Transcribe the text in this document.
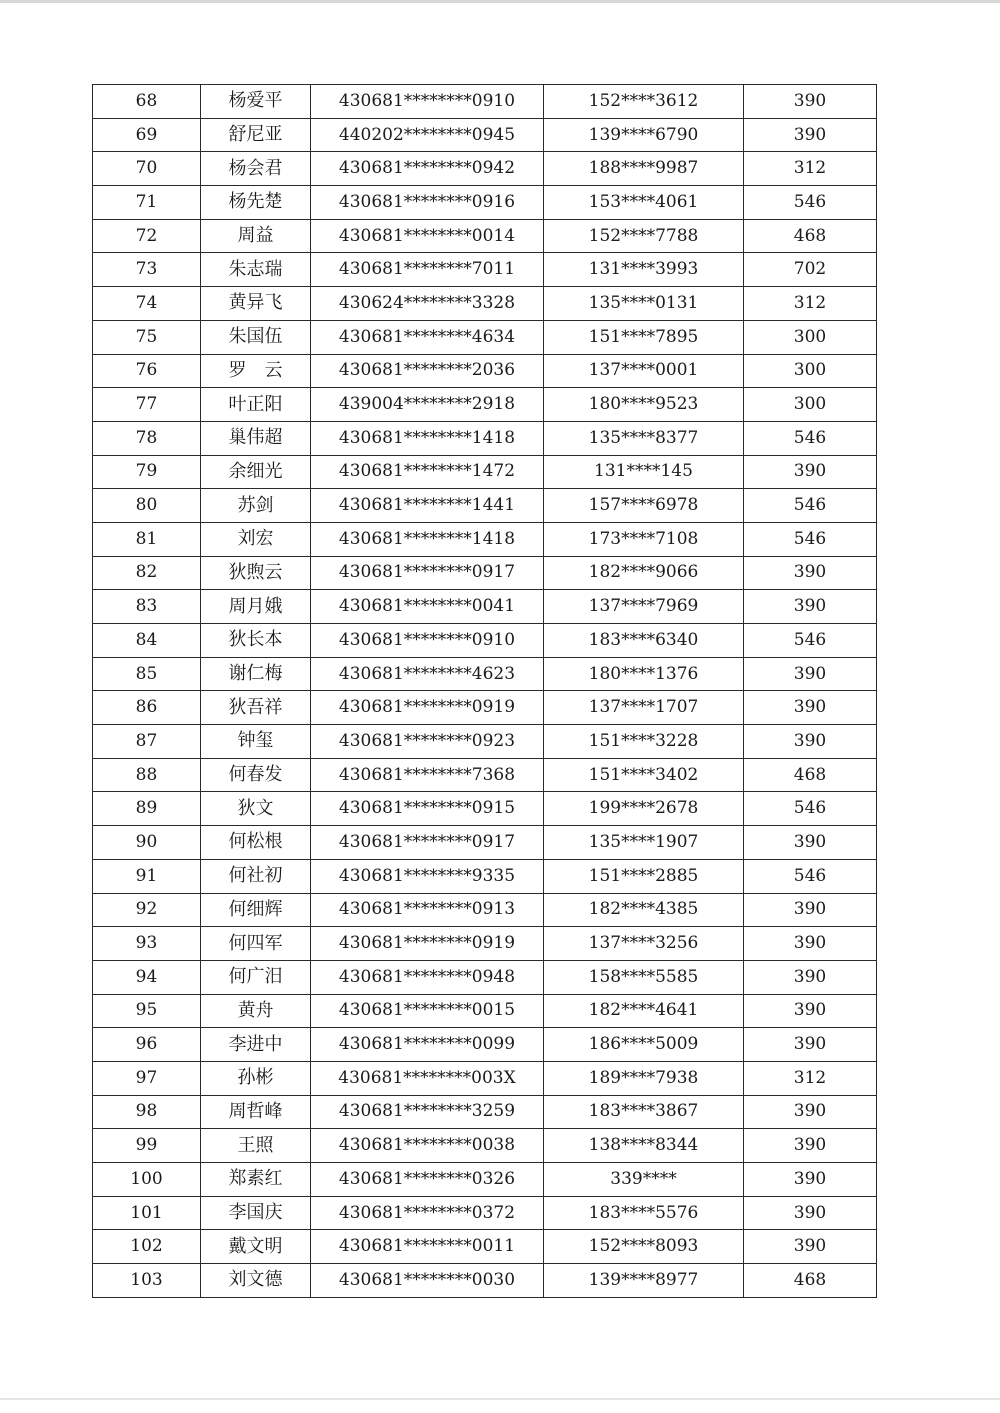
68	杨爱平	430681********0910	152****3612	390
69	舒尼亚	440202********0945	139****6790	390
70	杨会君	430681********0942	188****9987	312
71	杨先楚	430681********0916	153****4061	546
72	周益	430681********0014	152****7788	468
73	朱志瑞	430681********7011	131****3993	702
74	黄异飞	430624********3328	135****0131	312
75	朱国伍	430681********4634	151****7895	300
76	罗　云	430681********2036	137****0001	300
77	叶正阳	439004********2918	180****9523	300
78	巢伟超	430681********1418	135****8377	546
79	余细光	430681********1472	131****145	390
80	苏剑	430681********1441	157****6978	546
81	刘宏	430681********1418	173****7108	546
82	狄煦云	430681********0917	182****9066	390
83	周月娥	430681********0041	137****7969	390
84	狄长本	430681********0910	183****6340	546
85	谢仁梅	430681********4623	180****1376	390
86	狄吾祥	430681********0919	137****1707	390
87	钟玺	430681********0923	151****3228	390
88	何春发	430681********7368	151****3402	468
89	狄文	430681********0915	199****2678	546
90	何松根	430681********0917	135****1907	390
91	何社初	430681********9335	151****2885	546
92	何细辉	430681********0913	182****4385	390
93	何四军	430681********0919	137****3256	390
94	何广汨	430681********0948	158****5585	390
95	黄舟	430681********0015	182****4641	390
96	李进中	430681********0099	186****5009	390
97	孙彬	430681********003X	189****7938	312
98	周哲峰	430681********3259	183****3867	390
99	王照	430681********0038	138****8344	390
100	郑素红	430681********0326	339****	390
101	李国庆	430681********0372	183****5576	390
102	戴文明	430681********0011	152****8093	390
103	刘文德	430681********0030	139****8977	468
